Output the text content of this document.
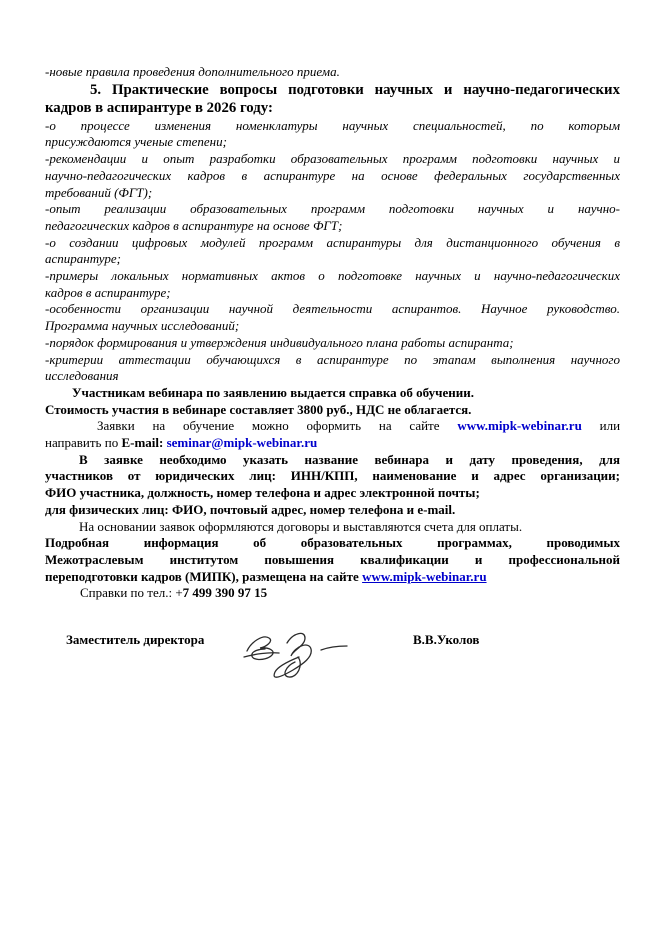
-новые правила проведения дополнительного приема.
5. Практические вопросы подготовки научных и научно-педагогических
кадров в аспирантуре в 2026 году:
-о процессе изменения номенклатуры научных специальностей, по которым
присуждаются ученые степени;
-рекомендации и опыт разработки образовательных программ подготовки научных и
научно-педагогических кадров в аспирантуре на основе федеральных государственных
требований (ФГТ);
-опыт реализации образовательных программ подготовки научных и научно-
педагогических кадров в аспирантуре на основе ФГТ;
-о создании цифровых модулей программ аспирантуры для дистанционного обучения в
аспирантуре;
-примеры локальных нормативных актов о подготовке научных и научно-педагогических
кадров в аспирантуре;
-особенности организации научной деятельности аспирантов. Научное руководство.
Программа научных исследований;
-порядок формирования и утверждения индивидуального плана работы аспиранта;
-критерии аттестации обучающихся в аспирантуре по этапам выполнения научного
исследования
Участникам вебинара по заявлению выдается справка об обучении.
Стоимость участия в вебинаре составляет 3800 руб., НДС не облагается.
Заявки на обучение можно оформить на сайте www.mipk-webinar.ru или
направить по E-mail: seminar@mipk-webinar.ru
В заявке необходимо указать название вебинара и дату проведения, для
участников от юридических лиц: ИНН/КПП, наименование и адрес организации;
ФИО участника, должность, номер телефона и адрес электронной почты;
для физических лиц: ФИО, почтовый адрес, номер телефона и e-mail.
На основании заявок оформляются договоры и выставляются счета для оплаты.
Подробная информация об образовательных программах, проводимых
Межотраслевым институтом повышения квалификации и профессиональной
переподготовки кадров (МИПК), размещена на сайте www.mipk-webinar.ru
Справки по тел.: +7 499 390 97 15
Заместитель директора	В.В.Уколов
